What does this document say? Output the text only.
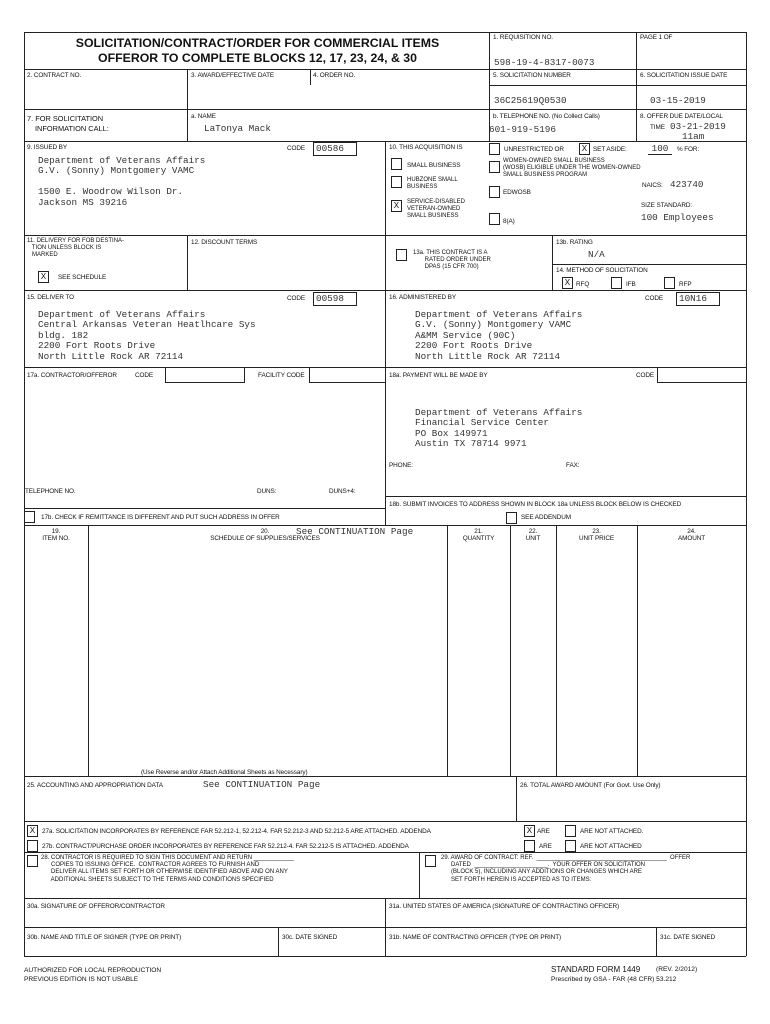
SOLICITATION/CONTRACT/ORDER FOR COMMERCIAL ITEMS
OFFEROR TO COMPLETE BLOCKS 12, 17, 23, 24, & 30
1. REQUISITION NO.
598-19-4-8317-0073
PAGE 1 OF
2. CONTRACT NO.	3. AWARD/EFFECTIVE DATE	4. ORDER NO.	5. SOLICITATION NUMBER
36C25619Q0530
6. SOLICITATION ISSUE DATE
03-15-2019
7. FOR SOLICITATION
INFORMATION CALL:
a. NAME
LaTonya Mack
b. TELEPHONE NO. (No Collect Calls)
601-919-5196
8. OFFER DUE DATE/LOCAL
TIME 03-21-2019
11am
9. ISSUED BY	CODE	00586
Department of Veterans Affairs
G.V. (Sonny) Montgomery VAMC

1500 E. Woodrow Wilson Dr.
Jackson MS 39216
10. THIS ACQUISITION IS	UNRESTRICTED OR	X SET ASIDE:	100	% FOR:
SMALL BUSINESS
HUBZONE SMALL
BUSINESS
X	SERVICE-DISABLED
VETERAN-OWNED
SMALL BUSINESS
WOMEN-OWNED SMALL BUSINESS
(WOSB) ELIGIBLE UNDER THE WOMEN-OWNED
SMALL BUSINESS PROGRAM
EDWOSB
8(A)
NAICS: 423740
SIZE STANDARD:
100 Employees
11. DELIVERY FOR FOB DESTINA-
TION UNLESS BLOCK IS
MARKED
X	SEE SCHEDULE
12. DISCOUNT TERMS
13a. THIS CONTRACT IS A
RATED ORDER UNDER
DPAS (15 CFR 700)
13b. RATING
N/A
14. METHOD OF SOLICITATION
X RFQ	IFB	RFP
15. DELIVER TO	CODE	00598
Department of Veterans Affairs
Central Arkansas Veteran Heatlhcare Sys
bldg. 182
2200 Fort Roots Drive
North Little Rock AR 72114
16. ADMINISTERED BY	CODE	10N16
Department of Veterans Affairs
G.V. (Sonny) Montgomery VAMC
A&MM Service (90C)
2200 Fort Roots Drive
North Little Rock AR 72114
17a. CONTRACTOR/OFFEROR	CODE	FACILITY CODE
TELEPHONE NO.	DUNS:	DUNS+4:
17b. CHECK IF REMITTANCE IS DIFFERENT AND PUT SUCH ADDRESS IN OFFER
18a. PAYMENT WILL BE MADE BY	CODE
Department of Veterans Affairs
Financial Service Center
PO Box 149971
Austin TX 78714 9971
PHONE:	FAX:
18b. SUBMIT INVOICES TO ADDRESS SHOWN IN BLOCK 18a UNLESS BLOCK BELOW IS CHECKED
SEE ADDENDUM
19.
ITEM NO.
20.
SCHEDULE OF SUPPLIES/SERVICES
See CONTINUATION Page	21.
QUANTITY
22.
UNIT
23.
UNIT PRICE
24.
AMOUNT
(Use Reverse and/or Attach Additional Sheets as Necessary)
25. ACCOUNTING AND APPROPRIATION DATA	See CONTINUATION Page	26. TOTAL AWARD AMOUNT (For Govt. Use Only)
X	27a. SOLICITATION INCORPORATES BY REFERENCE FAR 52.212-1, 52.212-4. FAR 52.212-3 AND 52.212-5 ARE ATTACHED. ADDENDA	X ARE	ARE NOT ATTACHED.
27b. CONTRACT/PURCHASE ORDER INCORPORATES BY REFERENCE FAR 52.212-4. FAR 52.212-5 IS ATTACHED. ADDENDA	ARE	ARE NOT ATTACHED
28. CONTRACTOR IS REQUIRED TO SIGN THIS DOCUMENT AND RETURN ____________
COPIES TO ISSUING OFFICE.  CONTRACTOR AGREES TO FURNISH AND
DELIVER ALL ITEMS SET FORTH OR OTHERWISE IDENTIFIED ABOVE AND ON ANY
ADDITIONAL SHEETS SUBJECT TO THE TERMS AND CONDITIONS SPECIFIED
29. AWARD OF CONTRACT: REF.  _______________________________________  OFFER
DATED  ______________________.  YOUR OFFER ON SOLICITATION
(BLOCK 5), INCLUDING ANY ADDITIONS OR CHANGES WHICH ARE
SET FORTH HEREIN IS ACCEPTED AS TO ITEMS:
30a. SIGNATURE OF OFFEROR/CONTRACTOR	31a. UNITED STATES OF AMERICA (SIGNATURE OF CONTRACTING OFFICER)
30b. NAME AND TITLE OF SIGNER (TYPE OR PRINT)	30c. DATE SIGNED	31b. NAME OF CONTRACTING OFFICER (TYPE OR PRINT)	31c. DATE SIGNED
AUTHORIZED FOR LOCAL REPRODUCTION
PREVIOUS EDITION IS NOT USABLE
STANDARD FORM 1449 (REV. 2/2012)
Prescribed by GSA - FAR (48 CFR) 53.212
